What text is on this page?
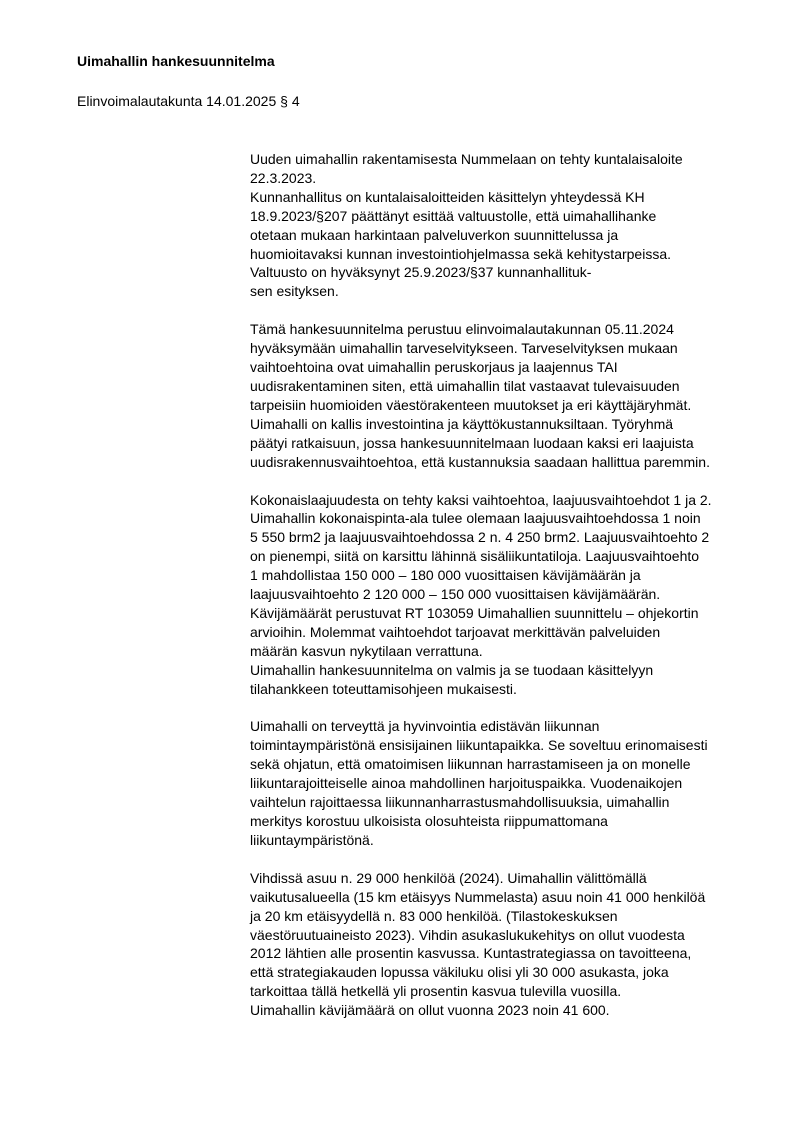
Uimahallin hankesuunnitelma
Elinvoimalautakunta 14.01.2025 § 4
Uuden uimahallin rakentamisesta Nummelaan on tehty kuntalaisaloite
22.3.2023.
Kunnanhallitus on kuntalaisaloitteiden käsittelyn yhteydessä KH
18.9.2023/§207 päättänyt esittää valtuustolle, että uimahallihanke
otetaan mukaan harkintaan palveluverkon suunnittelussa ja
huomioitavaksi kunnan investointiohjelmassa sekä kehitystarpeissa.
Valtuusto on hyväksynyt 25.9.2023/§37 kunnanhallituk-
sen esityksen.
Tämä hankesuunnitelma perustuu elinvoimalautakunnan 05.11.2024
hyväksymään uimahallin tarveselvitykseen. Tarveselvityksen mukaan
vaihtoehtoina ovat uimahallin peruskorjaus ja laajennus TAI
uudisrakentaminen siten, että uimahallin tilat vastaavat tulevaisuuden
tarpeisiin huomioiden väestörakenteen muutokset ja eri käyttäjäryhmät.
Uimahalli on kallis investointina ja käyttökustannuksiltaan. Työryhmä
päätyi ratkaisuun, jossa hankesuunnitelmaan luodaan kaksi eri laajuista
uudisrakennusvaihtoehtoa, että kustannuksia saadaan hallittua paremmin.
Kokonaislaajuudesta on tehty kaksi vaihtoehtoa, laajuusvaihtoehdot 1 ja 2.
Uimahallin kokonaispinta-ala tulee olemaan laajuusvaihtoehdossa 1 noin
5 550 brm2 ja laajuusvaihtoehdossa 2 n. 4 250 brm2. Laajuusvaihtoehto 2
on pienempi, siitä on karsittu lähinnä sisäliikuntatiloja. Laajuusvaihtoehto
1 mahdollistaa 150 000 – 180 000 vuosittaisen kävijämäärän ja
laajuusvaihtoehto 2 120 000 – 150 000 vuosittaisen kävijämäärän.
Kävijämäärät perustuvat RT 103059 Uimahallien suunnittelu – ohjekortin
arvioihin. Molemmat vaihtoehdot tarjoavat merkittävän palveluiden
määrän kasvun nykytilaan verrattuna.
Uimahallin hankesuunnitelma on valmis ja se tuodaan käsittelyyn
tilahankkeen toteuttamisohjeen mukaisesti.
Uimahalli on terveyttä ja hyvinvointia edistävän liikunnan
toimintaympäristönä ensisijainen liikuntapaikka. Se soveltuu erinomaisesti
sekä ohjatun, että omatoimisen liikunnan harrastamiseen ja on monelle
liikuntarajoitteiselle ainoa mahdollinen harjoituspaikka. Vuodenaikojen
vaihtelun rajoittaessa liikunnanharrastusmahdollisuuksia, uimahallin
merkitys korostuu ulkoisista olosuhteista riippumattomana
liikuntaympäristönä.
Vihdissä asuu n. 29 000 henkilöä (2024). Uimahallin välittömällä
vaikutusalueella (15 km etäisyys Nummelasta) asuu noin 41 000 henkilöä
ja 20 km etäisyydellä n. 83 000 henkilöä. (Tilastokeskuksen
väestöruutuaineisto 2023). Vihdin asukaslukukehitys on ollut vuodesta
2012 lähtien alle prosentin kasvussa. Kuntastrategiassa on tavoitteena,
että strategiakauden lopussa väkiluku olisi yli 30 000 asukasta, joka
tarkoittaa tällä hetkellä yli prosentin kasvua tulevilla vuosilla.
Uimahallin kävijämäärä on ollut vuonna 2023 noin 41 600.
